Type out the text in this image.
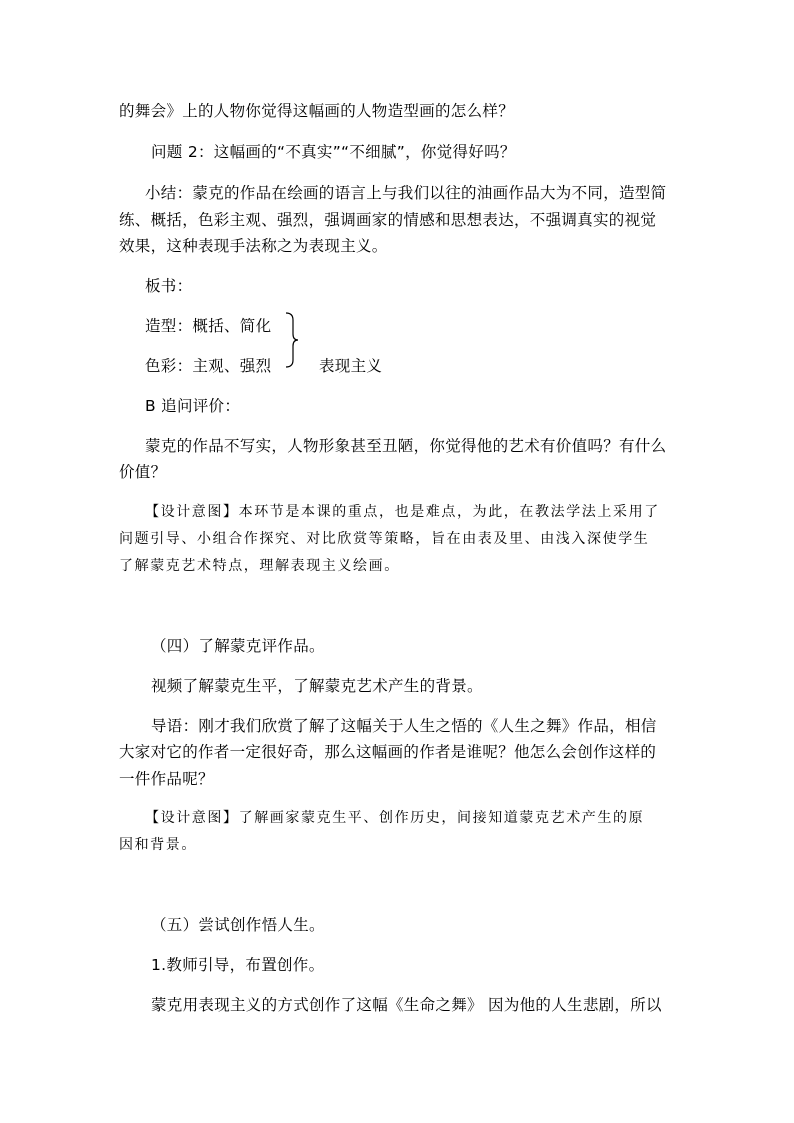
的舞会》上的人物你觉得这幅画的人物造型画的怎么样？
问题 2：这幅画的“不真实”“不细腻”，你觉得好吗？
小结：蒙克的作品在绘画的语言上与我们以往的油画作品大为不同，造型简
练、概括，色彩主观、强烈，强调画家的情感和思想表达，不强调真实的视觉
效果，这种表现手法称之为表现主义。
板书：
造型：概括、简化
色彩：主观、强烈	表现主义
B 追问评价：
蒙克的作品不写实，人物形象甚至丑陋，你觉得他的艺术有价值吗？有什么
价值？
【设计意图】本环节是本课的重点，也是难点，为此，在教法学法上采用了
问题引导、小组合作探究、对比欣赏等策略，旨在由表及里、由浅入深使学生
了解蒙克艺术特点，理解表现主义绘画。
（四）了解蒙克评作品。
视频了解蒙克生平，了解蒙克艺术产生的背景。
导语：刚才我们欣赏了解了这幅关于人生之悟的《人生之舞》作品，相信
大家对它的作者一定很好奇，那么这幅画的作者是谁呢？他怎么会创作这样的
一件作品呢？
【设计意图】了解画家蒙克生平、创作历史，间接知道蒙克艺术产生的原
因和背景。
（五）尝试创作悟人生。
1.教师引导，布置创作。
蒙克用表现主义的方式创作了这幅《生命之舞》 因为他的人生悲剧，所以
